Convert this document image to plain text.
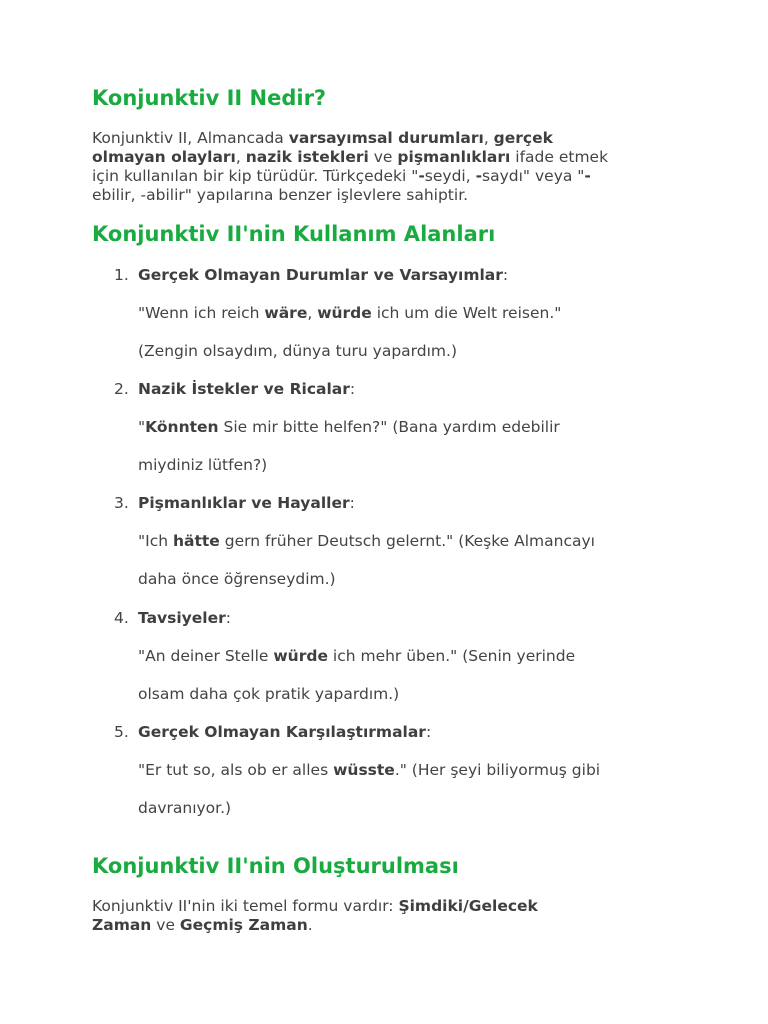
Konjunktiv II Nedir?

Konjunktiv II, Almancada varsayımsal durumları, gerçek

olmayan olayları, nazik istekleri ve pişmanlıkları ifade etmek

için kullanılan bir kip türüdür. Türkçedeki "-seydi, -saydı" veya "-

ebilir, -abilir" yapılarına benzer işlevlere sahiptir.

Konjunktiv II'nin Kullanım Alanları

1. Gerçek Olmayan Durumlar ve Varsayımlar:

"Wenn ich reich wäre, würde ich um die Welt reisen."

(Zengin olsaydım, dünya turu yapardım.)

2. Nazik İstekler ve Ricalar:

"Könnten Sie mir bitte helfen?" (Bana yardım edebilir

miydiniz lütfen?)

3. Pişmanlıklar ve Hayaller:

"Ich hätte gern früher Deutsch gelernt." (Keşke Almancayı

daha önce öğrenseydim.)

4. Tavsiyeler:

"An deiner Stelle würde ich mehr üben." (Senin yerinde

olsam daha çok pratik yapardım.)

5. Gerçek Olmayan Karşılaştırmalar:

"Er tut so, als ob er alles wüsste." (Her şeyi biliyormuş gibi

davranıyor.)

Konjunktiv II'nin Oluşturulması

Konjunktiv II'nin iki temel formu vardır: Şimdiki/Gelecek

Zaman ve Geçmiş Zaman.
